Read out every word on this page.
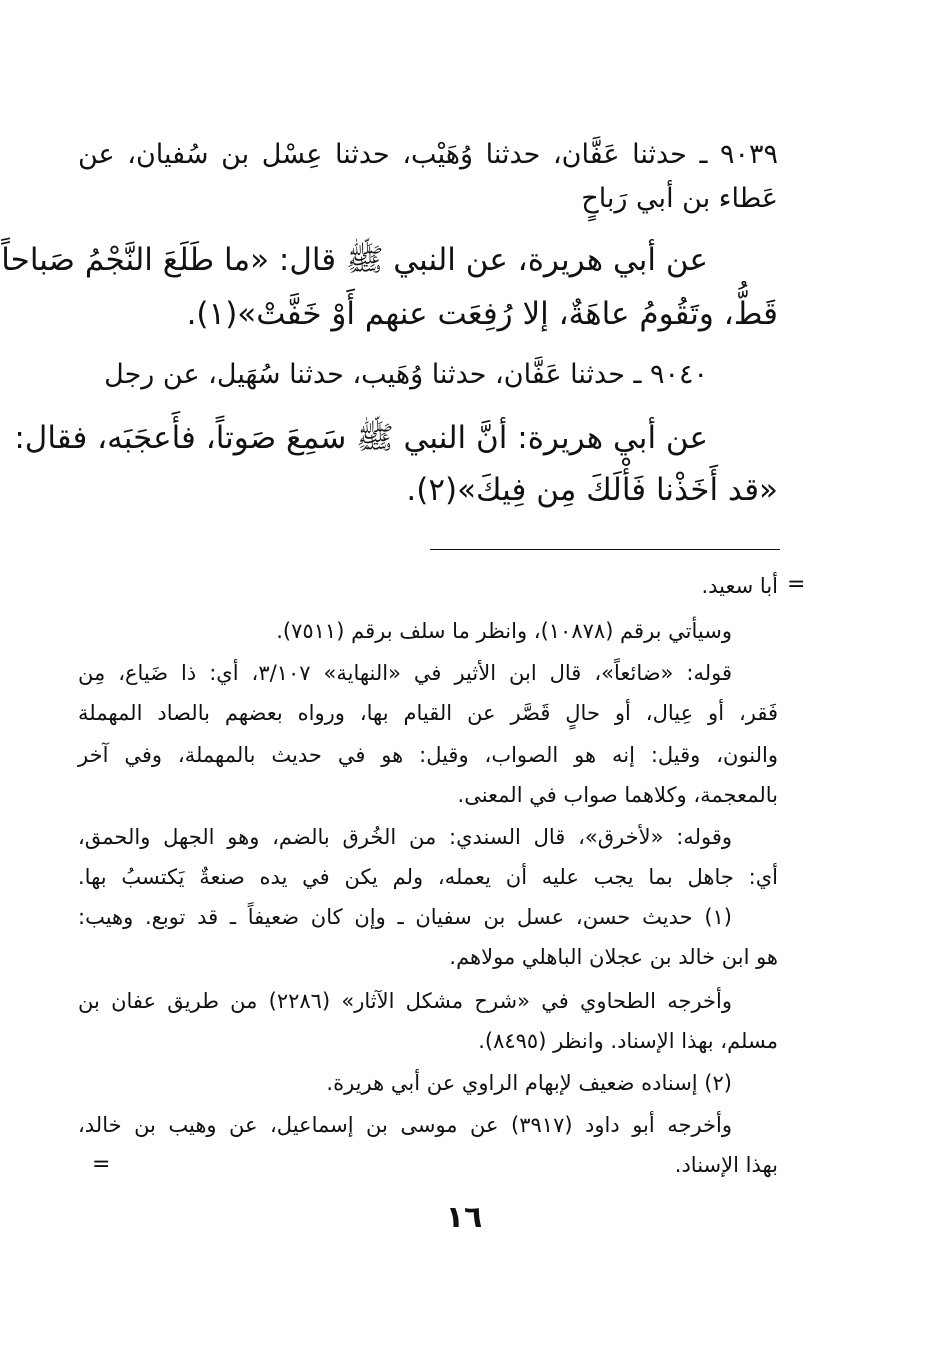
٩٠٣٩ ـ حدثنا عَفَّان، حدثنا وُهَيْب، حدثنا عِسْل بن سُفيان، عن
عَطاء بن أبي رَباحٍ
عن أبي هريرة، عن النبي ﷺ قال: «ما طَلَعَ النَّجْمُ صَباحاً
قَطُّ، وتَقُومُ عاهَةٌ، إلا رُفِعَت عنهم أَوْ خَفَّتْ»(١).
٩٠٤٠ ـ حدثنا عَفَّان، حدثنا وُهَيب، حدثنا سُهَيل، عن رجل
عن أبي هريرة: أنَّ النبي ﷺ سَمِعَ صَوتاً، فأَعجَبَه، فقال:
«قد أَخَذْنا فَأْلَكَ مِن فِيكَ»(٢).
أبا سعيد.
وسيأتي برقم (١٠٨٧٨)، وانظر ما سلف برقم (٧٥١١).
قوله: «ضائعاً»، قال ابن الأثير في «النهاية» ٣/١٠٧، أي: ذا ضَياع، مِن
فَقر، أو عِيال، أو حالٍ قَصَّر عن القيام بها، ورواه بعضهم بالصاد المهملة
والنون، وقيل: إنه هو الصواب، وقيل: هو في حديث بالمهملة، وفي آخر
بالمعجمة، وكلاهما صواب في المعنى.
وقوله: «لأخرق»، قال السندي: من الخُرق بالضم، وهو الجهل والحمق،
أي: جاهل بما يجب عليه أن يعمله، ولم يكن في يده صنعةٌ يَكتسبُ بها.
(١) حديث حسن، عسل بن سفيان ـ وإن كان ضعيفاً ـ قد توبع. وهيب:
هو ابن خالد بن عجلان الباهلي مولاهم.
وأخرجه الطحاوي في «شرح مشكل الآثار» (٢٢٨٦) من طريق عفان بن
مسلم، بهذا الإسناد. وانظر (٨٤٩٥).
(٢) إسناده ضعيف لإبهام الراوي عن أبي هريرة.
وأخرجه أبو داود (٣٩١٧) عن موسى بن إسماعيل، عن وهيب بن خالد،
بهذا الإسناد.
=
=
١٦
